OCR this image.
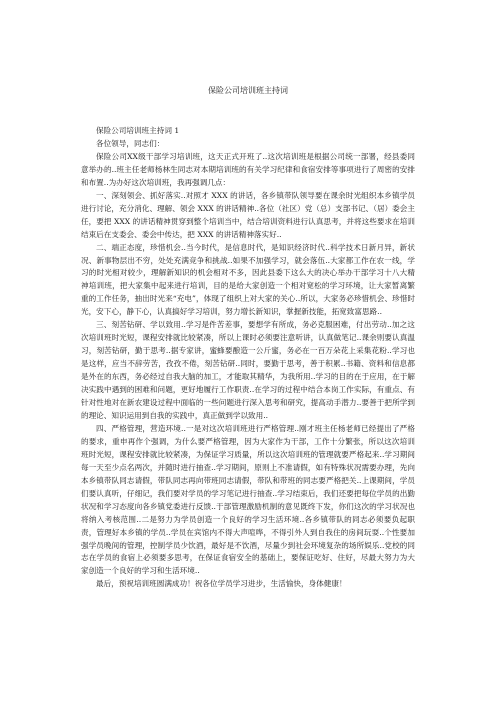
保险公司培训班主持词

保险公司培训班主持词 1

各位领导，同志们：

保险公司XX级干部学习培训班，这天正式开班了..这次培训班是根据公司统一部署，经县委同意举办的..班主任老师杨林生同志对本期培训班的有关学习纪律和食宿安排等事项进行了周密的安排和布置..为办好这次培训班，我再强调几点：

一、深刻领会、抓好落实..对照才 XXX 的讲话，各乡镇带队领导要在课余时光组织本乡镇学员进行讨论，充分消化、理解、领会 XXX 的讲话精神..各位（社区）党（总）支部书记、（居）委会主任，要把 XXX 的讲话精神贯穿到整个培训当中，结合培训资料进行认真思考，并将这些要求在培训结束后在支委会、委会中传达，把 XXX 的讲话精神落实好..

二、端正态度，珍惜机会..当今时代，是信息时代，是知识经济时代..科学技术日新月异，新状况、新事物层出不穷，处处充满竞争和挑战..如果不加强学习，就会落伍..大家都工作在农一线，学习的时光相对较少，理解新知识的机会相对不多，因此县委下这么大的决心举办干部学习十八大精神培训班，把大家集中起来进行培训，目的是给大家创造一个相对宽松的学习环境，让大家暂离繁重的工作任务，抽出时光来“充电”，体现了组织上对大家的关心..所以，大家务必珍惜机会、珍惜时光，安下心，静下心，认真搞好学习培训，努力增长新知识，掌握新技能，拓宽致富思路..

三、刻苦钻研、学以致用..学习是件苦差事，要想学有所成，务必克服困难，付出劳动..加之这次培训班时光短，课程安排就比较紧凑，所以上课时必须要注意听讲，认真做笔记..课余则要认真温习，刻苦钻研，勤于思考..据专家讲，蜜蜂要酿造一公斤蜜，务必在一百万朵花上采集花粉..学习也是这样，应当不辞劳苦，孜孜不倦，刻苦钻研..同时，要勤于思考，善于积累..书籍、资料和信息都是外在的东西，务必经过自我大脑的加工，才能取其精华，为我所用..学习的目的在于应用，在于解决实践中遇到的困难和问题，更好地履行工作职责..在学习的过程中结合本岗工作实际，有重点、有针对性地对在新农建设过程中面临的一些问题进行深入思考和研究，提高动手潜力..要善于把所学到的理论、知识运用到自我的实践中，真正做到学以致用..

四、严格管理，营造环境..一是对这次培训班进行严格管理..刚才班主任杨老师已经提出了严格的要求，重申再作个强调，为什么要严格管理，因为大家作为干部，工作十分繁张，所以这次培训班时光短，课程安排就比较紧凑，为保证学习质量，所以这次培训班的管理就要严格起来..学习期间每一天至少点名两次，并随时进行抽查..学习期间，原则上不准请假，如有特殊状况需要办理，先向本乡镇带队同志请假，带队同志再向带班同志请假，带队和带班的同志要严格把关..上课期间，学员们要认真听，仔细记，我们要对学员的学习笔记进行抽查..学习结束后，我们还要把每位学员的出勤状况和学习态度向各乡镇党委进行反馈..于部管理激励机制的意见既终下发，你们这次的学习状况也将纳入考核范围..二是努力为学员创造一个良好的学习生活环境..各乡镇带队的同志必须要负起职责，管理好本乡镇的学员..学员在宾馆内不得大声喧哗，不得引外人到自我住的房间玩耍..个性要加强学员晚间的管理，控制学员少饮酒，最好是不饮酒，尽量少到社会环境复杂的场所娱乐..党校的同志在学员的食宿上必须要多思考，在保证食宿安全的基础上，要保证吃好、住好，尽最大努力为大家创造一个良好的学习和生活环境..

最后，预祝培训班圆满成功！祝各位学员学习进步，生活愉快，身体健康！
